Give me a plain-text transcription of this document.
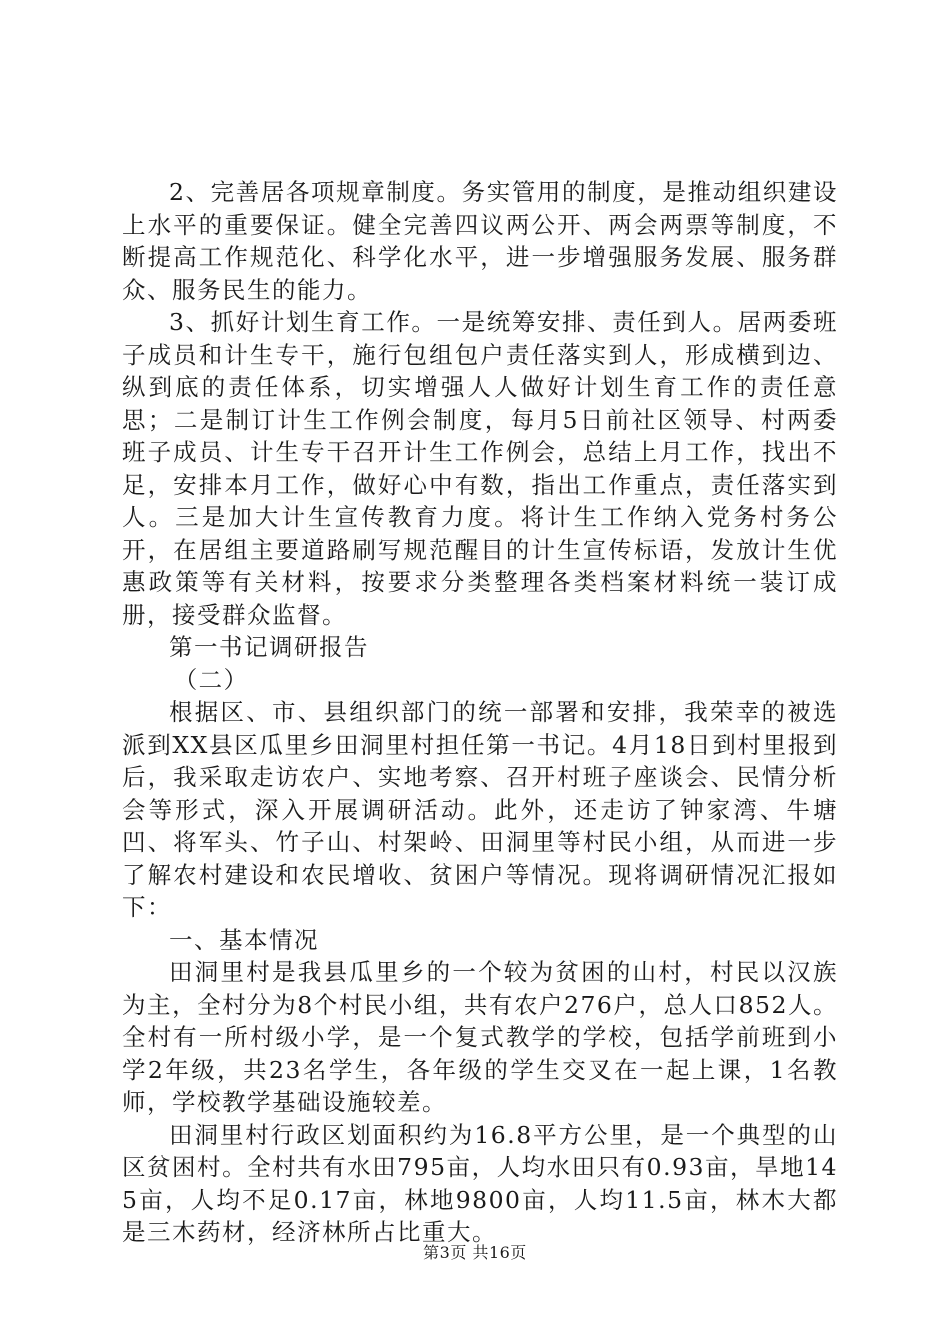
2、完善居各项规章制度。务实管用的制度，是推动组织建设上水平的重要保证。健全完善四议两公开、两会两票等制度，不断提高工作规范化、科学化水平，进一步增强服务发展、服务群众、服务民生的能力。

3、抓好计划生育工作。一是统筹安排、责任到人。居两委班子成员和计生专干，施行包组包户责任落实到人，形成横到边、纵到底的责任体系，切实增强人人做好计划生育工作的责任意思；二是制订计生工作例会制度，每月5日前社区领导、村两委班子成员、计生专干召开计生工作例会，总结上月工作，找出不足，安排本月工作，做好心中有数，指出工作重点，责任落实到人。三是加大计生宣传教育力度。将计生工作纳入党务村务公开，在居组主要道路刷写规范醒目的计生宣传标语，发放计生优惠政策等有关材料，按要求分类整理各类档案材料统一装订成册，接受群众监督。

第一书记调研报告

（二）

根据区、市、县组织部门的统一部署和安排，我荣幸的被选派到XX县区瓜里乡田洞里村担任第一书记。4月18日到村里报到后，我采取走访农户、实地考察、召开村班子座谈会、民情分析会等形式，深入开展调研活动。此外，还走访了钟家湾、牛塘凹、将军头、竹子山、村架岭、田洞里等村民小组，从而进一步了解农村建设和农民增收、贫困户等情况。现将调研情况汇报如下：

一、基本情况

田洞里村是我县瓜里乡的一个较为贫困的山村，村民以汉族为主，全村分为8个村民小组，共有农户276户，总人口852人。全村有一所村级小学，是一个复式教学的学校，包括学前班到小学2年级，共23名学生，各年级的学生交叉在一起上课，1名教师，学校教学基础设施较差。

田洞里村行政区划面积约为16.8平方公里，是一个典型的山区贫困村。全村共有水田795亩，人均水田只有0.93亩，旱地145亩，人均不足0.17亩，林地9800亩，人均11.5亩，林木大都是三木药材，经济林所占比重大。

第3页 共16页
